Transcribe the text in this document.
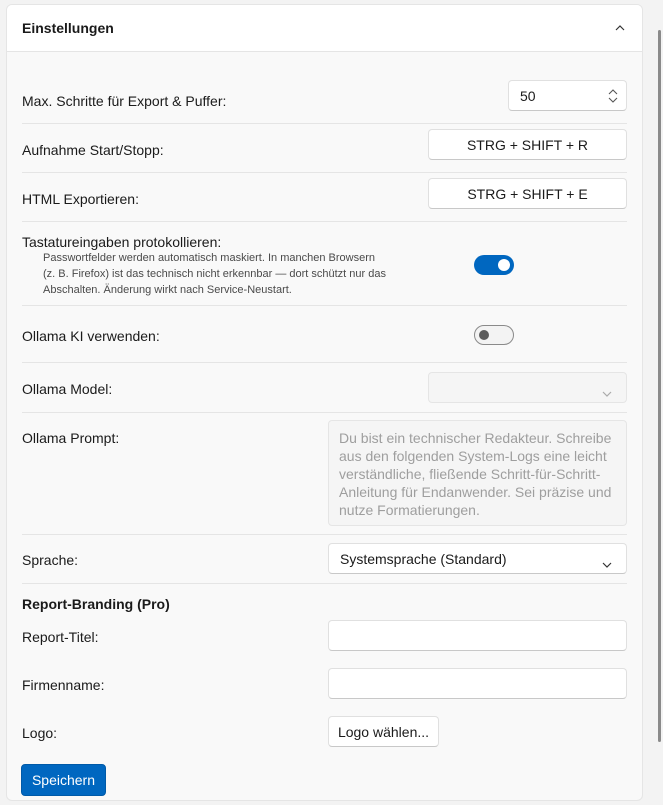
Einstellungen
Max. Schritte für Export & Puffer:	50
Aufnahme Start/Stopp:	STRG + SHIFT + R
HTML Exportieren:	STRG + SHIFT + E
Tastatureingaben protokollieren:
Passwortfelder werden automatisch maskiert. In manchen Browsern
(z. B. Firefox) ist das technisch nicht erkennbar — dort schützt nur das
Abschalten. Änderung wirkt nach Service-Neustart.
Ollama KI verwenden:
Ollama Model:
Ollama Prompt:	Du bist ein technischer Redakteur. Schreibe
aus den folgenden System-Logs eine leicht
verständliche, fließende Schritt-für-Schritt-
Anleitung für Endanwender. Sei präzise und
nutze Formatierungen.
Sprache:	Systemsprache (Standard)
Report-Branding (Pro)
Report-Titel:
Firmenname:
Logo:	Logo wählen...
Speichern
